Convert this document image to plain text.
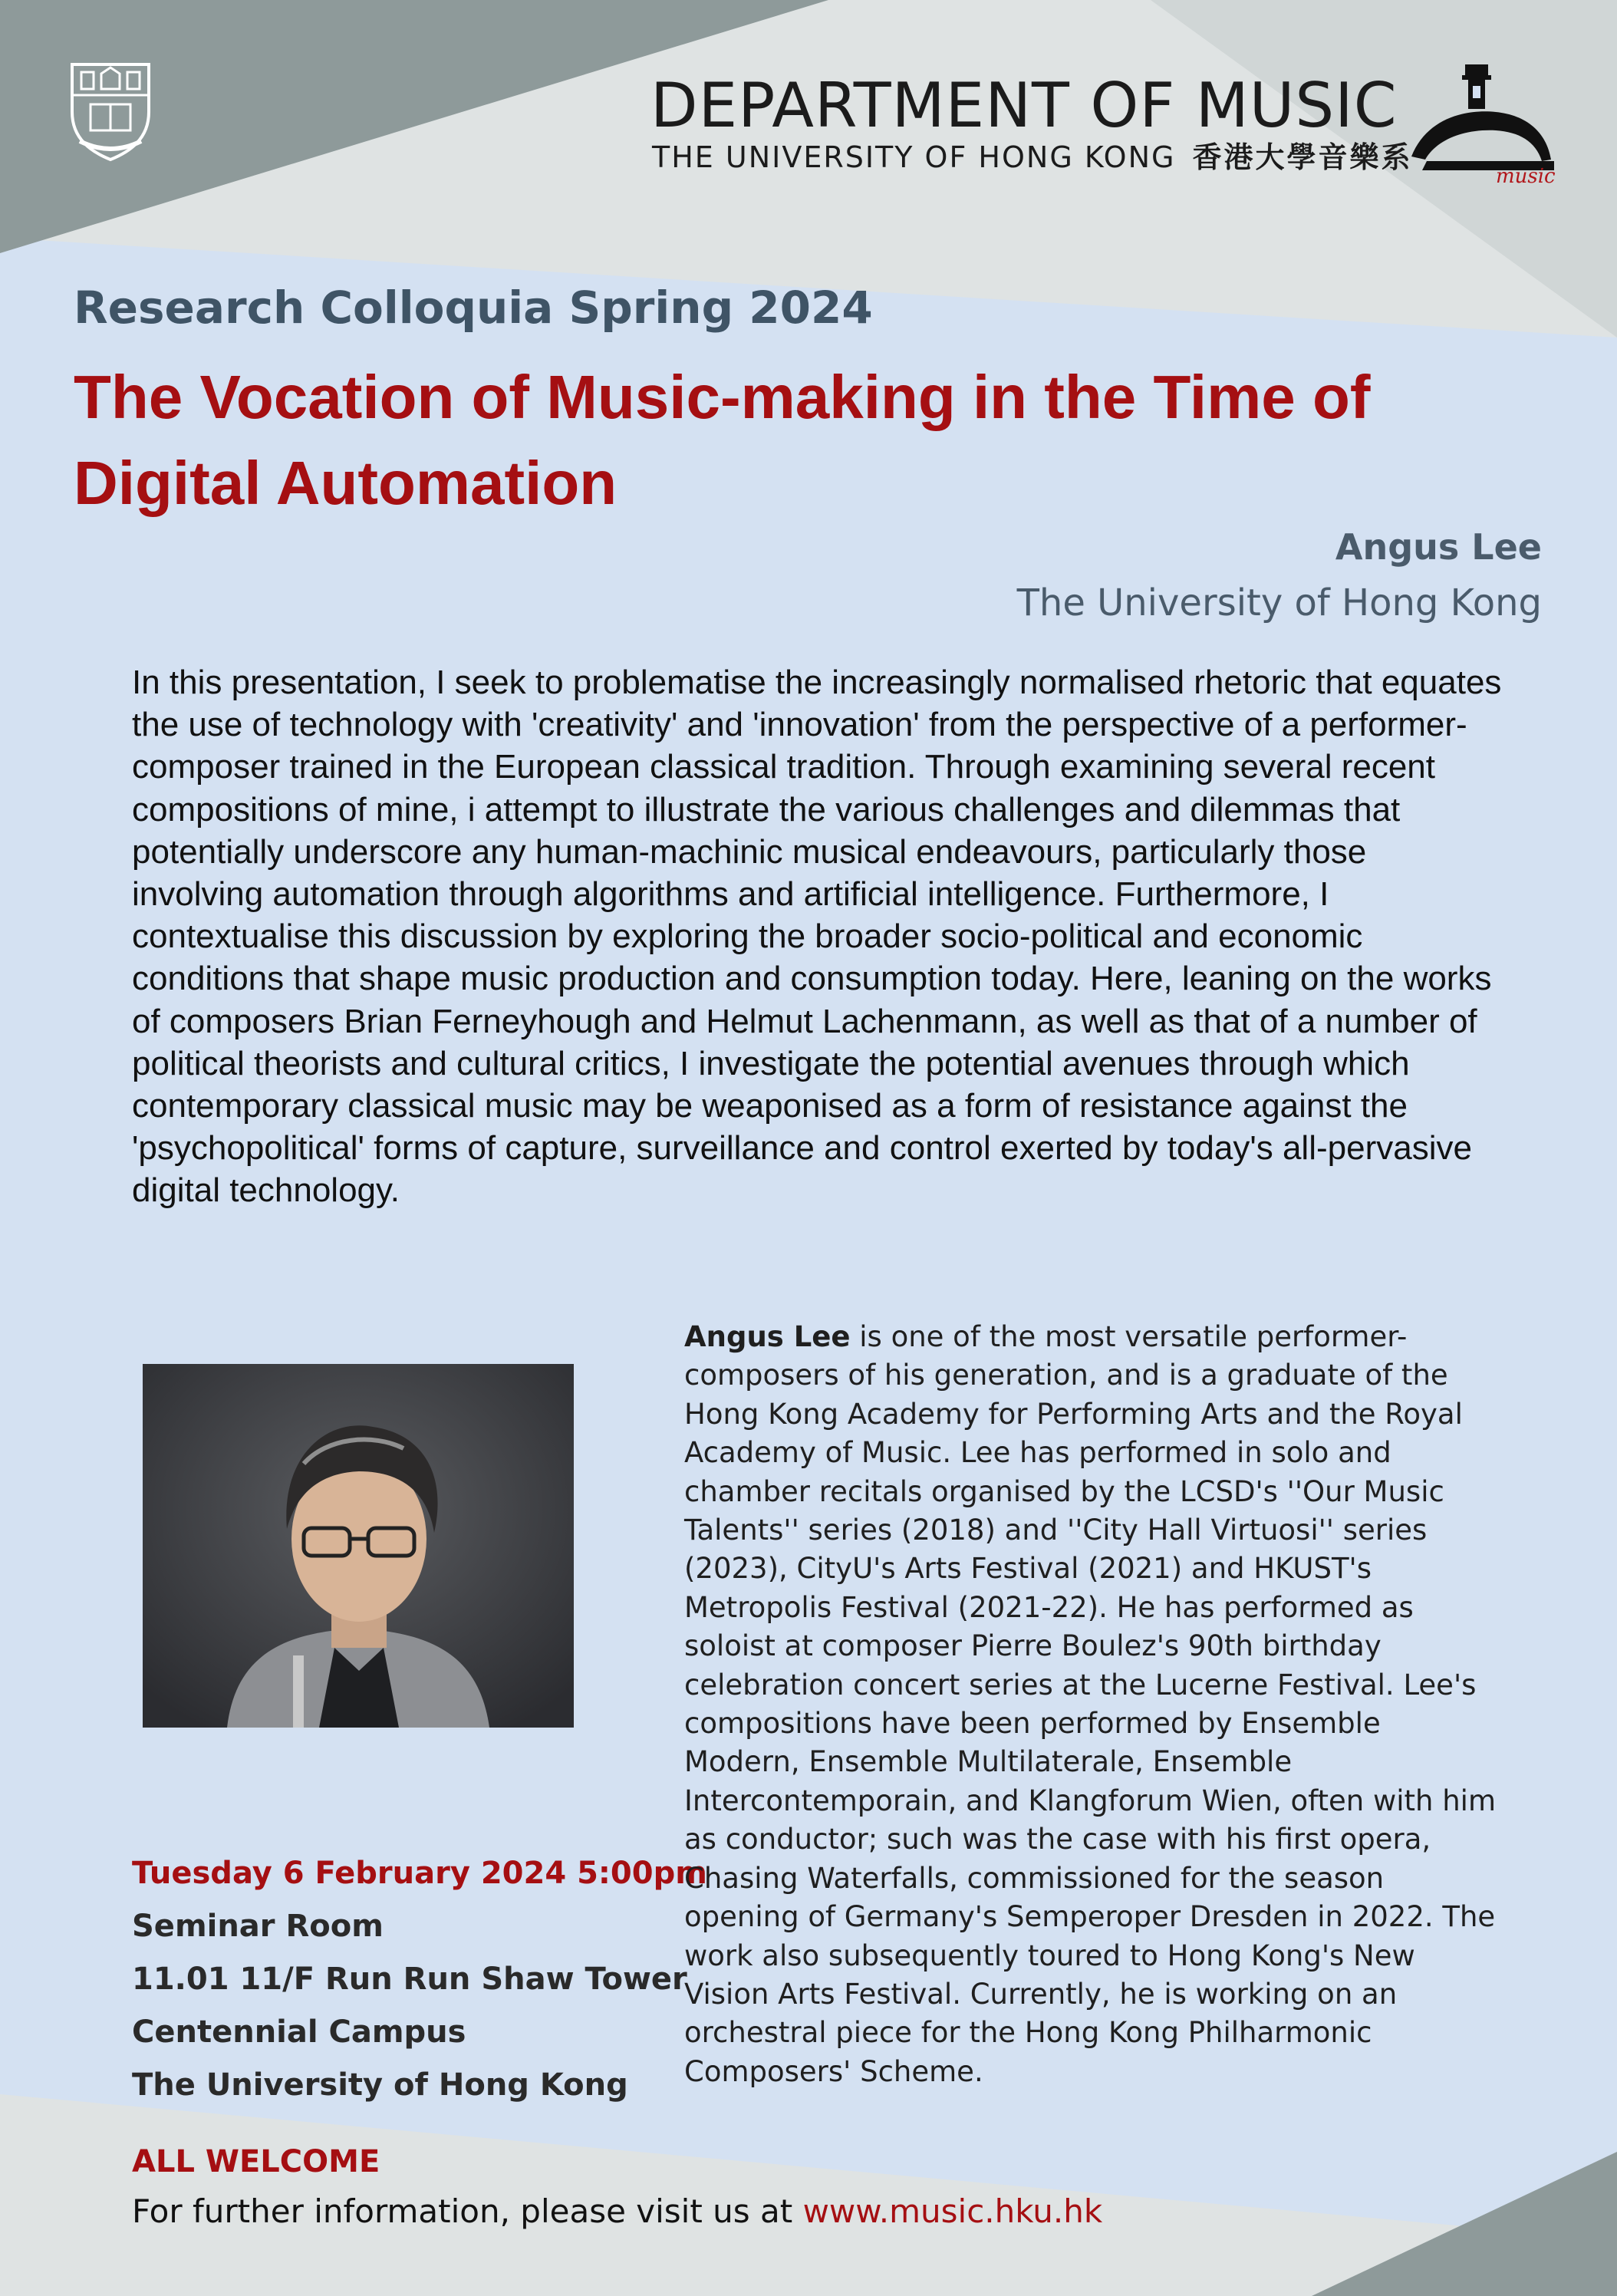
DEPARTMENT OF MUSIC
THE UNIVERSITY OF HONG KONG 香港大學音樂系
music
Research Colloquia Spring 2024
The Vocation of Music-making in the Time of Digital Automation
Angus Lee
The University of Hong Kong

In this presentation, I seek to problematise the increasingly normalised rhetoric that equates the use of technology with 'creativity' and 'innovation' from the perspective of a performer-composer trained in the European classical tradition. Through examining several recent compositions of mine, i attempt to illustrate the various challenges and dilemmas that potentially underscore any human-machinic musical endeavours, particularly those involving automation through algorithms and artificial intelligence. Furthermore, I contextualise this discussion by exploring the broader socio-political and economic conditions that shape music production and consumption today. Here, leaning on the works of composers Brian Ferneyhough and Helmut Lachenmann, as well as that of a number of political theorists and cultural critics, I investigate the potential avenues through which contemporary classical music may be weaponised as a form of resistance against the 'psychopolitical' forms of capture, surveillance and control exerted by today's all-pervasive digital technology.

Tuesday 6 February 2024 5:00pm
Seminar Room
11.01 11/F Run Run Shaw Tower
Centennial Campus
The University of Hong Kong

Angus Lee is one of the most versatile performer-composers of his generation, and is a graduate of the Hong Kong Academy for Performing Arts and the Royal Academy of Music. Lee has performed in solo and chamber recitals organised by the LCSD's ''Our Music Talents'' series (2018) and ''City Hall Virtuosi'' series (2023), CityU's Arts Festival (2021) and HKUST's Metropolis Festival (2021-22). He has performed as soloist at composer Pierre Boulez's 90th birthday celebration concert series at the Lucerne Festival. Lee's compositions have been performed by Ensemble Modern, Ensemble Multilaterale, Ensemble Intercontemporain, and Klangforum Wien, often with him as conductor; such was the case with his first opera, Chasing Waterfalls, commissioned for the season opening of Germany's Semperoper Dresden in 2022. The work also subsequently toured to Hong Kong's New Vision Arts Festival. Currently, he is working on an orchestral piece for the Hong Kong Philharmonic Composers' Scheme.

ALL WELCOME
For further information, please visit us at www.music.hku.hk
